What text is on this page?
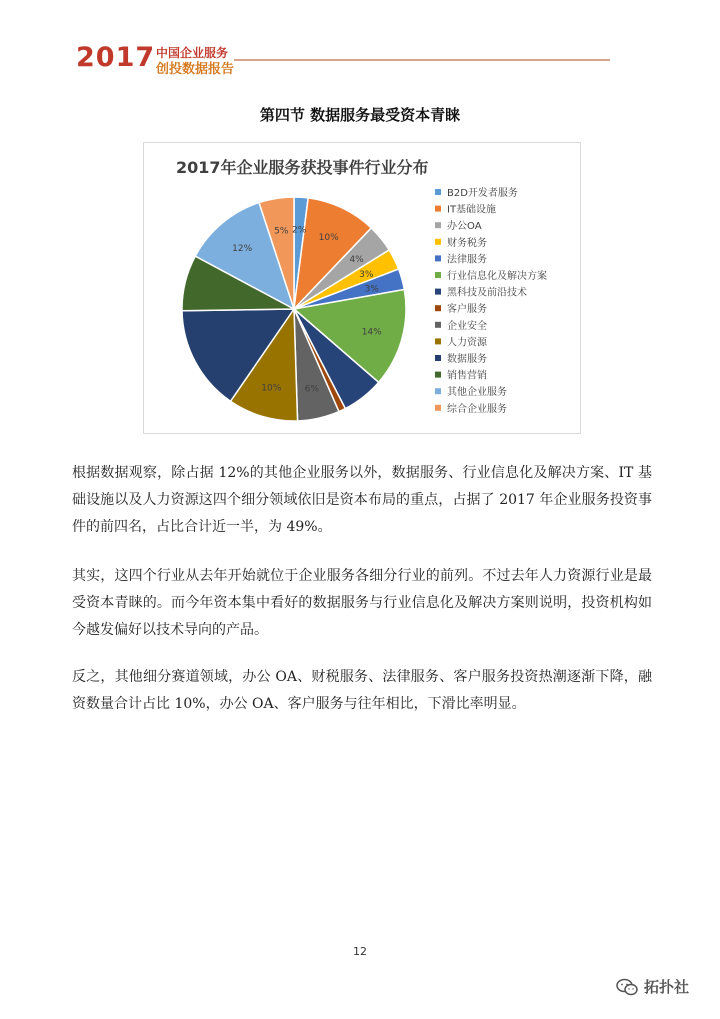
2017 中国企业服务
创投数据报告
第四节 数据服务最受资本青睐
2017年企业服务获投事件行业分布
2%
10%
4%
3%
3%
14%
6%
10%
12%
5%
B2D开发者服务
IT基础设施
办公OA
财务税务
法律服务
行业信息化及解决方案
黑科技及前沿技术
客户服务
企业安全
人力资源
数据服务
销售营销
其他企业服务
综合企业服务

根据数据观察，除占据 12%的其他企业服务以外，数据服务、行业信息化及解决方案、IT 基础设施以及人力资源这四个细分领域依旧是资本布局的重点，占据了 2017 年企业服务投资事件的前四名，占比合计近一半，为 49%。

其实，这四个行业从去年开始就位于企业服务各细分行业的前列。不过去年人力资源行业是最受资本青睐的。而今年资本集中看好的数据服务与行业信息化及解决方案则说明，投资机构如今越发偏好以技术导向的产品。

反之，其他细分赛道领域，办公 OA、财税服务、法律服务、客户服务投资热潮逐渐下降，融资数量合计占比 10%，办公 OA、客户服务与往年相比，下滑比率明显。

12
拓扑社
